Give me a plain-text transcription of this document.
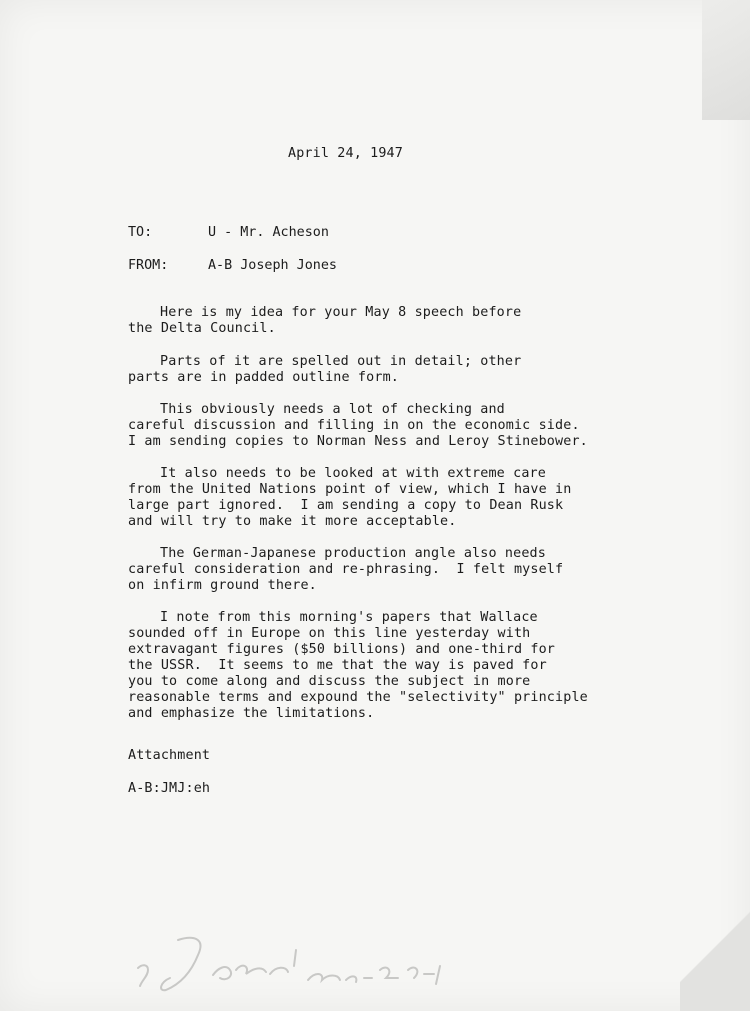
April 24, 1947

TO:	U - Mr. Acheson
FROM:	A-B Joseph Jones

Here is my idea for your May 8 speech before

the Delta Council.

Parts of it are spelled out in detail; other

parts are in padded outline form.

This obviously needs a lot of checking and

careful discussion and filling in on the economic side.

I am sending copies to Norman Ness and Leroy Stinebower.

It also needs to be looked at with extreme care

from the United Nations point of view, which I have in

large part ignored.  I am sending a copy to Dean Rusk

and will try to make it more acceptable.

The German-Japanese production angle also needs

careful consideration and re-phrasing.  I felt myself

on infirm ground there.

I note from this morning's papers that Wallace

sounded off in Europe on this line yesterday with

extravagant figures ($50 billions) and one-third for

the USSR.  It seems to me that the way is paved for

you to come along and discuss the subject in more

reasonable terms and expound the "selectivity" principle

and emphasize the limitations.

Attachment

A-B:JMJ:eh
